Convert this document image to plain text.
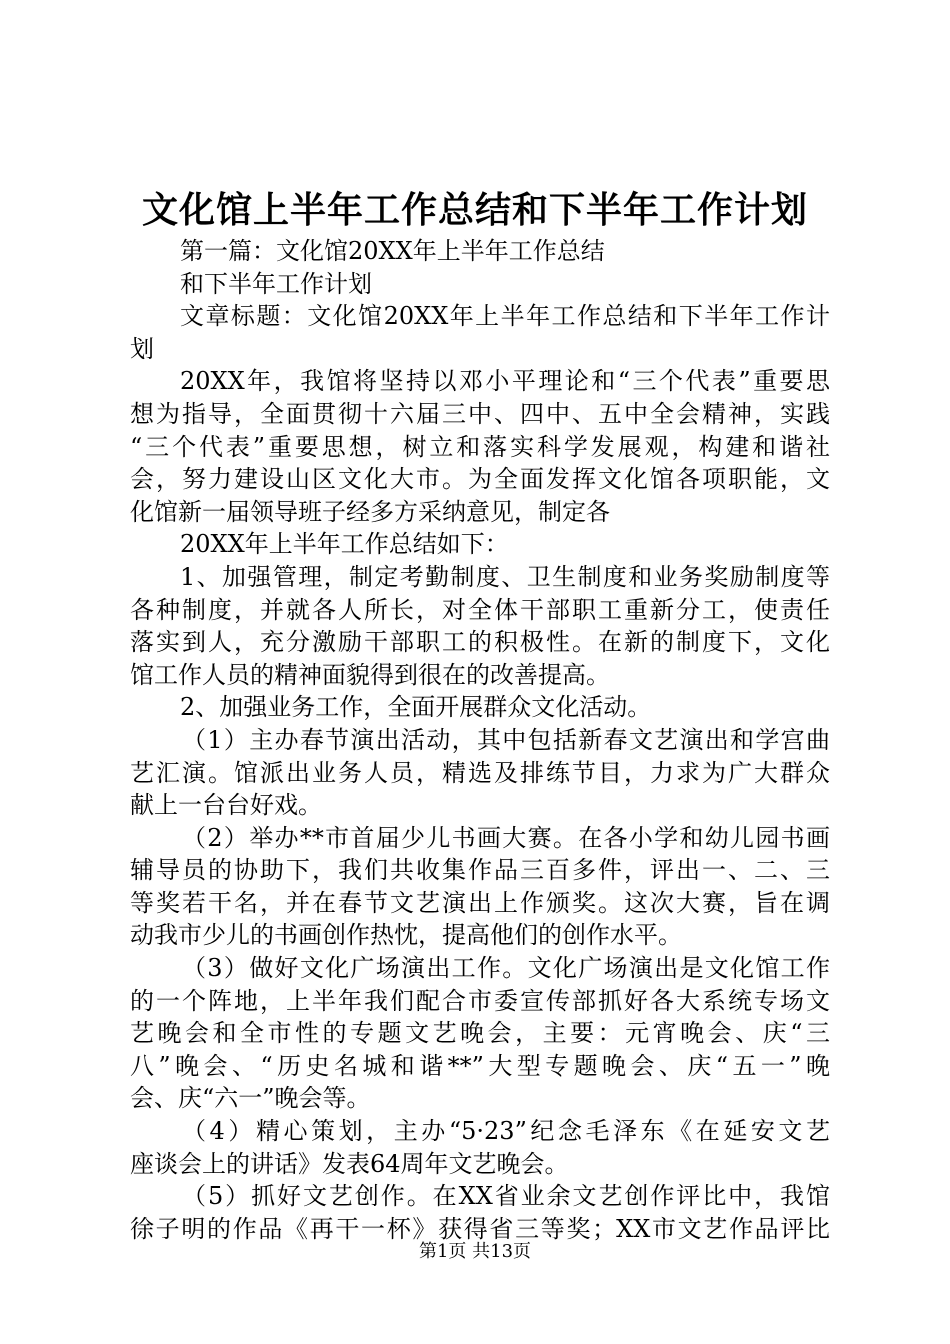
文化馆上半年工作总结和下半年工作计划
第一篇：文化馆20XX年上半年工作总结
和下半年工作计划
文章标题：文化馆20XX年上半年工作总结和下半年工作计
划
20XX年，我馆将坚持以邓小平理论和“三个代表”重要思
想为指导，全面贯彻十六届三中、四中、五中全会精神，实践
“三个代表”重要思想，树立和落实科学发展观，构建和谐社
会，努力建设山区文化大市。为全面发挥文化馆各项职能，文
化馆新一届领导班子经多方采纳意见，制定各
20XX年上半年工作总结如下：
1、加强管理，制定考勤制度、卫生制度和业务奖励制度等
各种制度，并就各人所长，对全体干部职工重新分工，使责任
落实到人，充分激励干部职工的积极性。在新的制度下，文化
馆工作人员的精神面貌得到很在的改善提高。
2、加强业务工作，全面开展群众文化活动。
（1）主办春节演出活动，其中包括新春文艺演出和学宫曲
艺汇演。馆派出业务人员，精选及排练节目，力求为广大群众
献上一台台好戏。
（2）举办**市首届少儿书画大赛。在各小学和幼儿园书画
辅导员的协助下，我们共收集作品三百多件，评出一、二、三
等奖若干名，并在春节文艺演出上作颁奖。这次大赛，旨在调
动我市少儿的书画创作热忱，提高他们的创作水平。
（3）做好文化广场演出工作。文化广场演出是文化馆工作
的一个阵地，上半年我们配合市委宣传部抓好各大系统专场文
艺晚会和全市性的专题文艺晚会，主要：元宵晚会、庆“三
八”晚会、“历史名城和谐**”大型专题晚会、庆“五一”晚
会、庆“六一”晚会等。
（4）精心策划，主办“5·23”纪念毛泽东《在延安文艺
座谈会上的讲话》发表64周年文艺晚会。
（5）抓好文艺创作。在XX省业余文艺创作评比中，我馆
徐子明的作品《再干一杯》获得省三等奖；XX市文艺作品评比
第1页 共13页
